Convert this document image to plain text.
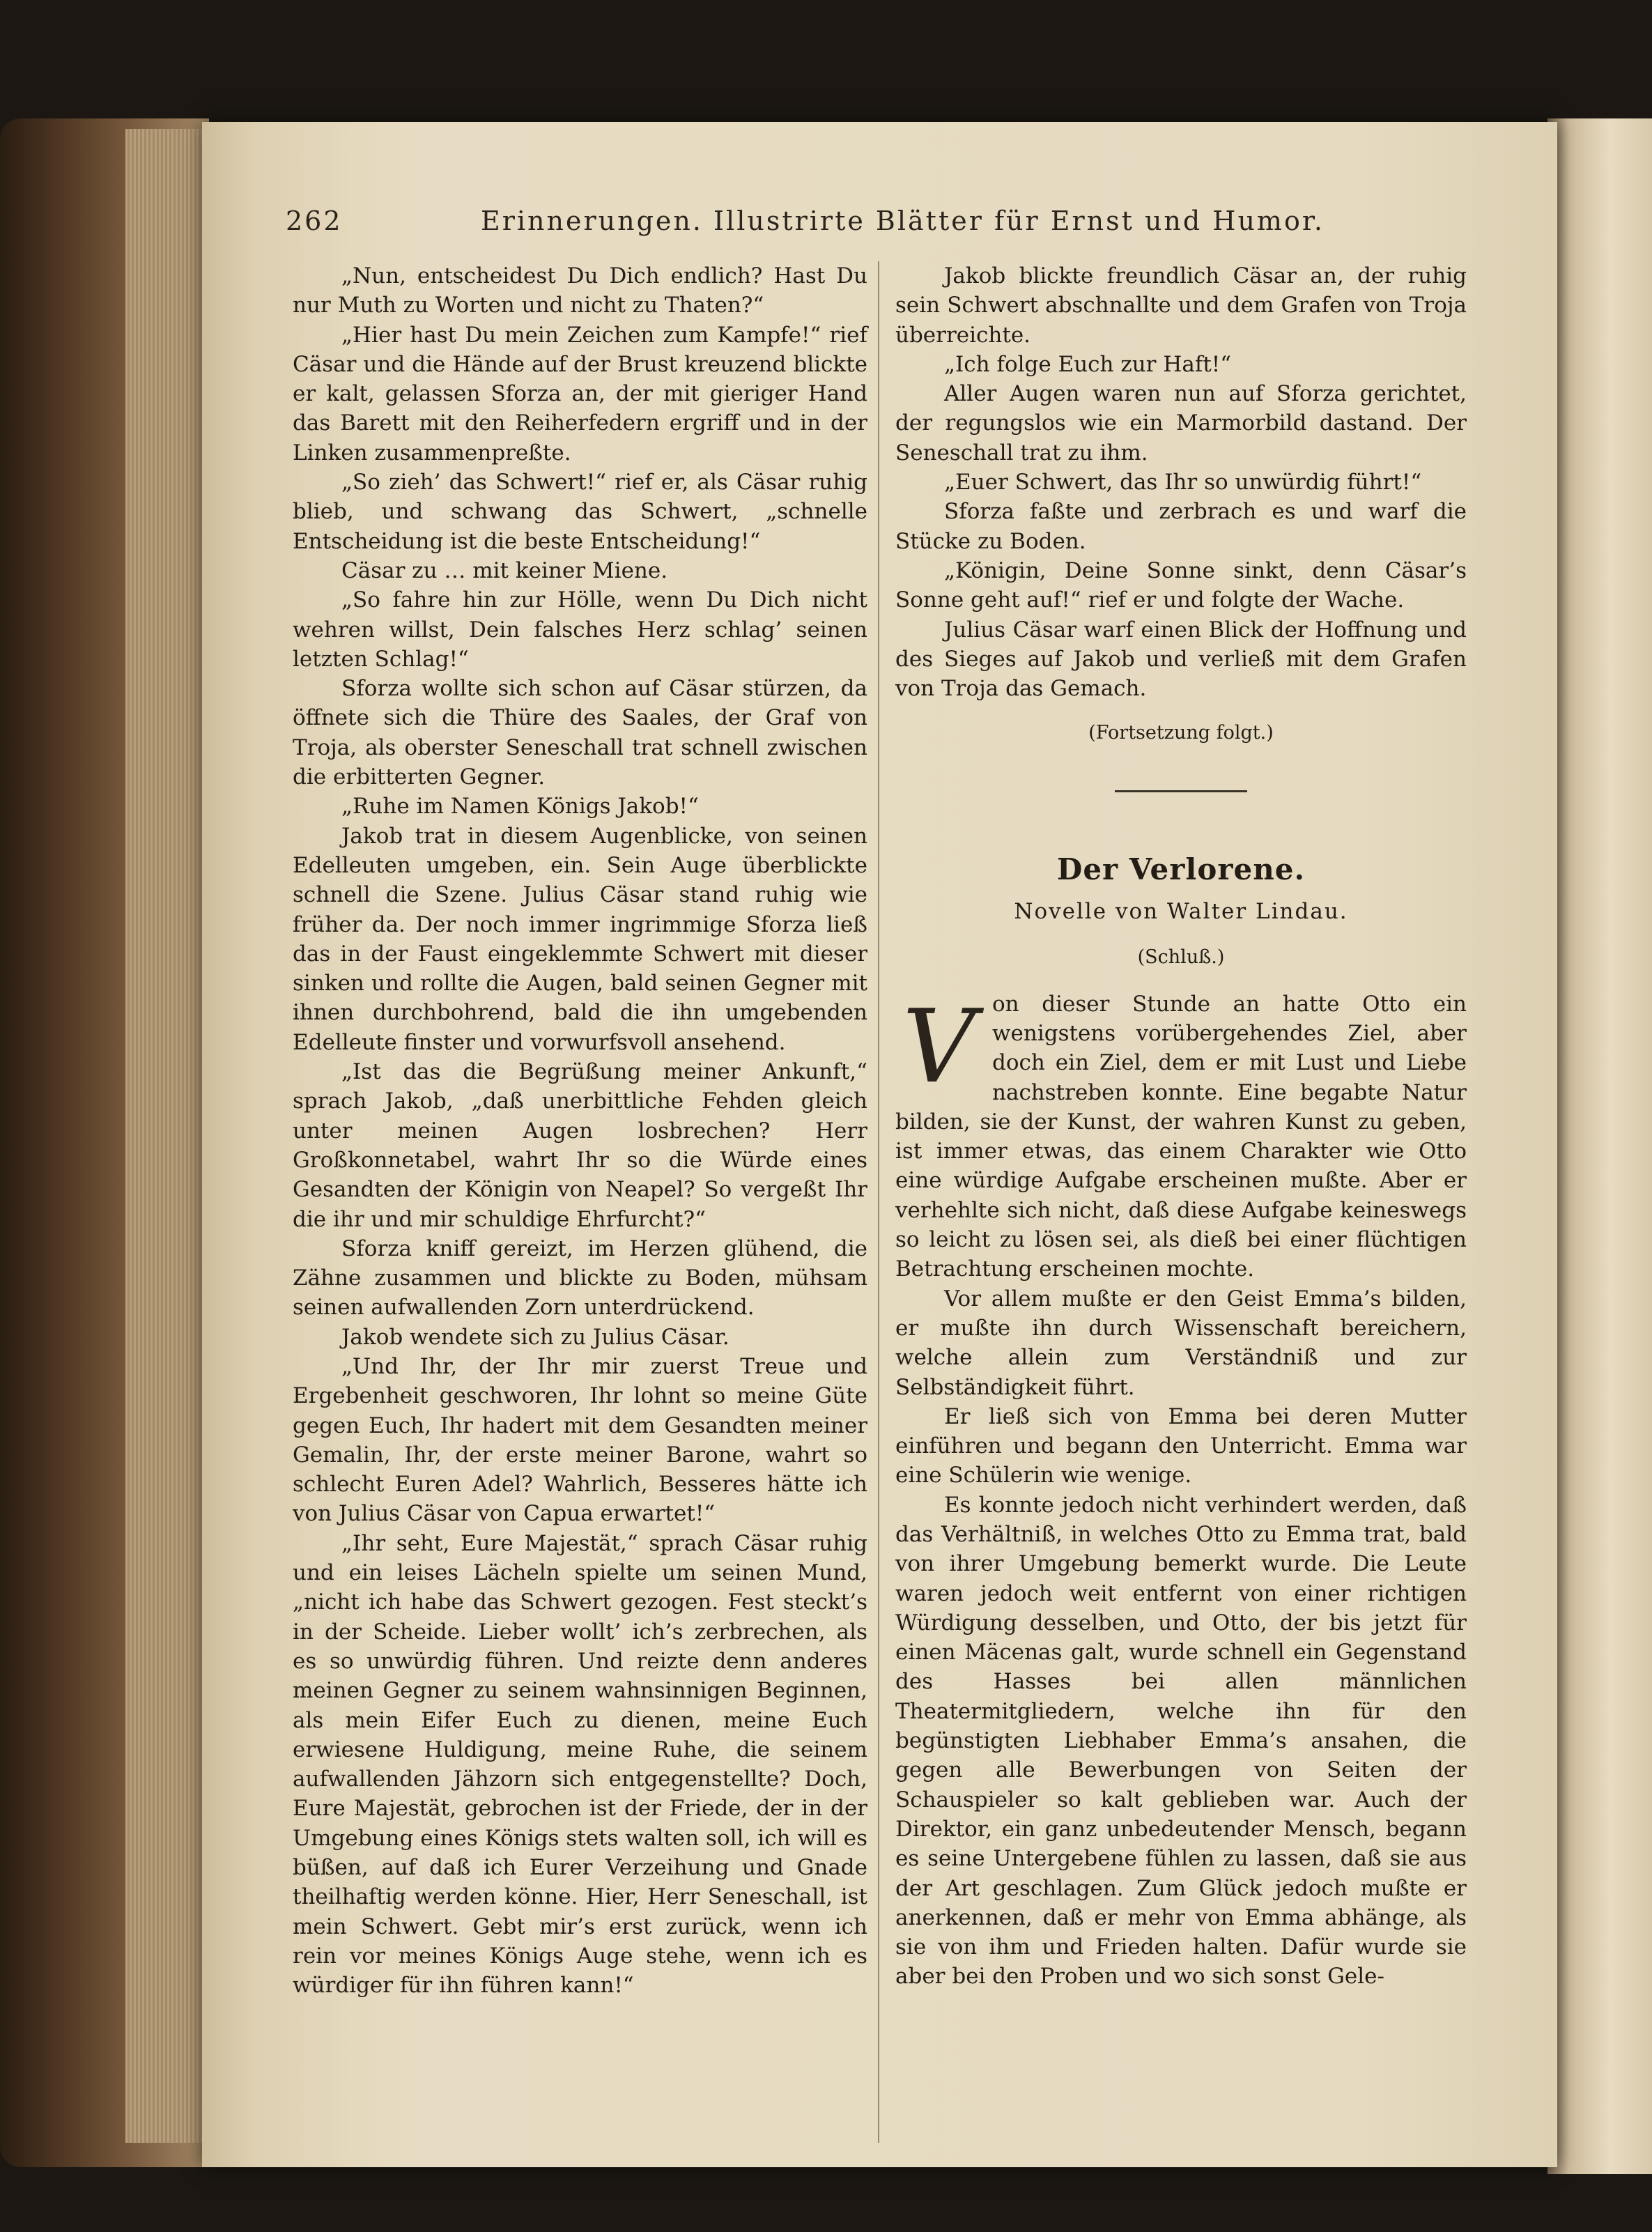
262	Erinnerungen. Illustrirte Blätter für Ernst und Humor.

„Nun, entscheidest Du Dich endlich? Hast Du nur Muth zu Worten und nicht zu Thaten?“

„Hier hast Du mein Zeichen zum Kampfe!“ rief Cäsar und die Hände auf der Brust kreuzend blickte er kalt, gelassen Sforza an, der mit gieriger Hand das Barett mit den Reiherfedern ergriff und in der Linken zusammenpreßte.

„So zieh’ das Schwert!“ rief er, als Cäsar ruhig blieb, und schwang das Schwert, „schnelle Entscheidung ist die beste Entscheidung!“

Cäsar zu … mit keiner Miene.

„So fahre hin zur Hölle, wenn Du Dich nicht wehren willst, Dein falsches Herz schlag’ seinen letzten Schlag!“

Sforza wollte sich schon auf Cäsar stürzen, da öffnete sich die Thüre des Saales, der Graf von Troja, als oberster Seneschall trat schnell zwischen die erbitterten Gegner.

„Ruhe im Namen Königs Jakob!“

Jakob trat in diesem Augenblicke, von seinen Edelleuten umgeben, ein. Sein Auge überblickte schnell die Szene. Julius Cäsar stand ruhig wie früher da. Der noch immer ingrimmige Sforza ließ das in der Faust eingeklemmte Schwert mit dieser sinken und rollte die Augen, bald seinen Gegner mit ihnen durchbohrend, bald die ihn umgebenden Edelleute finster und vorwurfsvoll ansehend.

„Ist das die Begrüßung meiner Ankunft,“ sprach Jakob, „daß unerbittliche Fehden gleich unter meinen Augen losbrechen? Herr Großkonnetabel, wahrt Ihr so die Würde eines Gesandten der Königin von Neapel? So vergeßt Ihr die ihr und mir schuldige Ehrfurcht?“

Sforza kniff gereizt, im Herzen glühend, die Zähne zusammen und blickte zu Boden, mühsam seinen aufwallenden Zorn unterdrückend.

Jakob wendete sich zu Julius Cäsar.

„Und Ihr, der Ihr mir zuerst Treue und Ergebenheit geschworen, Ihr lohnt so meine Güte gegen Euch, Ihr hadert mit dem Gesandten meiner Gemalin, Ihr, der erste meiner Barone, wahrt so schlecht Euren Adel? Wahrlich, Besseres hätte ich von Julius Cäsar von Capua erwartet!“

„Ihr seht, Eure Majestät,“ sprach Cäsar ruhig und ein leises Lächeln spielte um seinen Mund, „nicht ich habe das Schwert gezogen. Fest steckt’s in der Scheide. Lieber wollt’ ich’s zerbrechen, als es so unwürdig führen. Und reizte denn anderes meinen Gegner zu seinem wahnsinnigen Beginnen, als mein Eifer Euch zu dienen, meine Euch erwiesene Huldigung, meine Ruhe, die seinem aufwallenden Jähzorn sich entgegenstellte? Doch, Eure Majestät, gebrochen ist der Friede, der in der Umgebung eines Königs stets walten soll, ich will es büßen, auf daß ich Eurer Verzeihung und Gnade theilhaftig werden könne. Hier, Herr Seneschall, ist mein Schwert. Gebt mir’s erst zurück, wenn ich rein vor meines Königs Auge stehe, wenn ich es würdiger für ihn führen kann!“

Jakob blickte freundlich Cäsar an, der ruhig sein Schwert abschnallte und dem Grafen von Troja überreichte.

„Ich folge Euch zur Haft!“

Aller Augen waren nun auf Sforza gerichtet, der regungslos wie ein Marmorbild dastand. Der Seneschall trat zu ihm.

„Euer Schwert, das Ihr so unwürdig führt!“

Sforza faßte und zerbrach es und warf die Stücke zu Boden.

„Königin, Deine Sonne sinkt, denn Cäsar’s Sonne geht auf!“ rief er und folgte der Wache.

Julius Cäsar warf einen Blick der Hoffnung und des Sieges auf Jakob und verließ mit dem Grafen von Troja das Gemach.

(Fortsetzung folgt.)

Der Verlorene.

Novelle von Walter Lindau.

(Schluß.)

V on dieser Stunde an hatte Otto ein wenigstens vorübergehendes Ziel, aber doch ein Ziel, dem er mit Lust und Liebe nachstreben konnte. Eine begabte Natur bilden, sie der Kunst, der wahren Kunst zu geben, ist immer etwas, das einem Charakter wie Otto eine würdige Aufgabe erscheinen mußte. Aber er verhehlte sich nicht, daß diese Aufgabe keineswegs so leicht zu lösen sei, als dieß bei einer flüchtigen Betrachtung erscheinen mochte.

Vor allem mußte er den Geist Emma’s bilden, er mußte ihn durch Wissenschaft bereichern, welche allein zum Verständniß und zur Selbständigkeit führt.

Er ließ sich von Emma bei deren Mutter einführen und begann den Unterricht. Emma war eine Schülerin wie wenige.

Es konnte jedoch nicht verhindert werden, daß das Verhältniß, in welches Otto zu Emma trat, bald von ihrer Umgebung bemerkt wurde. Die Leute waren jedoch weit entfernt von einer richtigen Würdigung desselben, und Otto, der bis jetzt für einen Mäcenas galt, wurde schnell ein Gegenstand des Hasses bei allen männlichen Theatermitgliedern, welche ihn für den begünstigten Liebhaber Emma’s ansahen, die gegen alle Bewerbungen von Seiten der Schauspieler so kalt geblieben war. Auch der Direktor, ein ganz unbedeutender Mensch, begann es seine Untergebene fühlen zu lassen, daß sie aus der Art geschlagen. Zum Glück jedoch mußte er anerkennen, daß er mehr von Emma abhänge, als sie von ihm und Frieden halten. Dafür wurde sie aber bei den Proben und wo sich sonst Gele-
